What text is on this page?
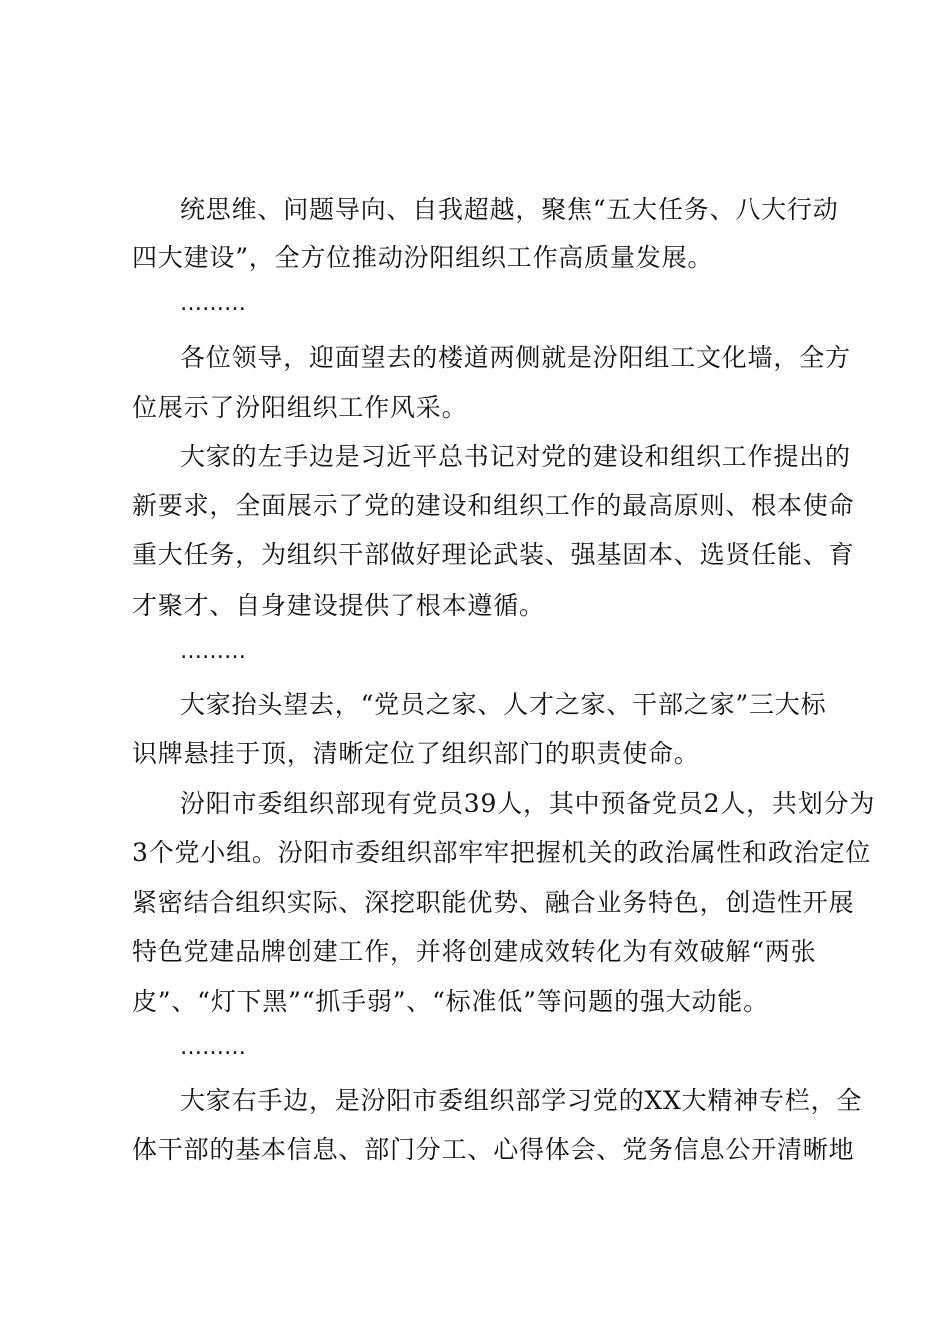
统思维、问题导向、自我超越，聚焦“五大任务、八大行动
四大建设”，全方位推动汾阳组织工作高质量发展。
………
各位领导，迎面望去的楼道两侧就是汾阳组工文化墙，全方
位展示了汾阳组织工作风采。
大家的左手边是习近平总书记对党的建设和组织工作提出的
新要求，全面展示了党的建设和组织工作的最高原则、根本使命
重大任务，为组织干部做好理论武装、强基固本、选贤任能、育
才聚才、自身建设提供了根本遵循。
………
大家抬头望去，“党员之家、人才之家、干部之家”三大标
识牌悬挂于顶，清晰定位了组织部门的职责使命。
汾阳市委组织部现有党员39人，其中预备党员2人，共划分为
3个党小组。汾阳市委组织部牢牢把握机关的政治属性和政治定位
紧密结合组织实际、深挖职能优势、融合业务特色，创造性开展
特色党建品牌创建工作，并将创建成效转化为有效破解“两张
皮”、“灯下黑”“抓手弱”、“标准低”等问题的强大动能。
………
大家右手边，是汾阳市委组织部学习党的XX大精神专栏，全
体干部的基本信息、部门分工、心得体会、党务信息公开清晰地
